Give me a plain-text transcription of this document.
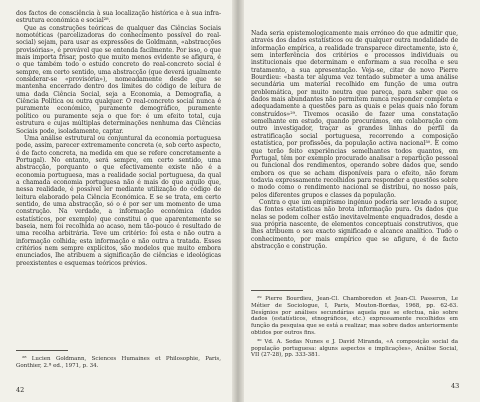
dos factos de consciência à sua localização histórica e à sua infra-estrutura económica e social²⁸.

Que as construções teóricas de qualquer das Ciências Sociais nomotéticas (parcelizadoras do conhecimento possível do real-social) sejam, para usar as expressões de Goldmann, «abstracções provisórias», é provável que se entenda facilmente. Por isso, o que mais importa frisar, posto que muito menos evidente se afigura, é o que também todo o estudo concreto do real-concreto social é sempre, em certo sentido, uma abstracção (que deverá igualmente considerar-se «provisória»), nomeadamente desde que se mantenha encerrado dentro dos limites do código de leitura de uma dada Ciência Social, seja a Economia, a Demografia, a Ciência Política ou outra qualquer. O real-concreto social nunca é puramente económico, puramente demográfico, puramente político ou puramente seja o que for: é um efeito total, cuja estrutura e cujas múltiplas determinações nenhuma das Ciências Sociais pode, isoladamente, captar.

Uma análise estrutural ou conjuntural da economia portuguesa pode, assim, parecer extremamente concreta (e, sob certo aspecto, é de facto concreta, na medida em que se refere concretamente a Portugal). No entanto, será sempre, em certo sentido, uma abstracção, porquanto o que efectivamente existe não é a economia portuguesa, mas a realidade social portuguesa, da qual a chamada economia portuguesa não é mais do que aquilo que, nessa realidade, é possível ler mediante utilização do código de leitura elaborado pela Ciência Económica. E se se trata, em certo sentido, de uma abstracção, só o é por ser um momento de uma construção. Na verdade, a informação económica (dados estatísticos, por exemplo) que constitui o que aparentemente se baseia, nem foi recolhida ao acaso, nem tão-pouco é resultado de uma recolha arbitrária. Teve um critério: foi esta e não outra a informação colhida; esta informação e não outra a tratada. Esses critérios nem sempre explícitos, são modelos que muito embora enunciados, lhe atribuem a significação de ciências e ideológicas preexistentes e esquemas teóricos prévios.

²⁸ Lucien Goldmann, Sciences Humaines et Philosophie, Paris, Gonthier, 2.ª ed., 1971, p. 34.

42

Nada seria epistemologicamente mais erróneo do que admitir que, através dos dados estatísticos ou de qualquer outra modalidade de informação empírica, a realidade transparece directamente, isto é, sem interferência dos critérios e processos individuais ou institucionais que determinam e enformam a sua recolha e seu tratamento, a sua apresentação. Veja-se, citar de novo Pierre Bourdieu: «basta ter alguma vez tentado submeter a uma análise secundária um material recolhido em função de uma outra problemática, por muito neutra que pareça, para saber que os dados mais abundantes não permitem nunca responder completa e adequadamente a questões para as quais e pelas quais não foram construídos»²⁹. Tivemos ocasião de fazer uma constatação semelhante em estudo, quando procurámos, em colaboração com outro investigador, traçar as grandes linhas do perfil da estratificação social portuguesa, recorrendo a composição estatística, por profissões, da população activa nacional³⁰. E como que terão feito experiências semelhantes todos quantos, em Portugal, têm por exemplo procurado analisar a repartição pessoal ou funcional dos rendimentos, operando sobre dados que, sendo embora os que se acham disponíveis para o efeito, não foram todavia expressamente recolhidos para responder a questões sobre o modo como o rendimento nacional se distribui, no nosso país, pelos diferentes grupos e classes da população.

Contra o que um empirismo ingénuo poderia ser levado a supor, das fontes estatísticas não brota informação pura. Os dados que nelas se podem colher estão inevitavelmente enquadrados, desde a sua própria nascente, de elementos conceptuais construtivos, que lhes atribuem o seu exacto significado e alcance analítico. Tudo o conhecimento, por mais empírico que se afigure, é de facto abstracção e construção.

²⁹ Pierre Bourdieu, Jean-Cl. Chamboredon et Jean-Cl. Passeron, Le Métier de Sociologue, I, Paris, Mouton-Bordas, 1968, pp. 62-63. Desígnios por análises secundárias aquela que se efectua, não sobre dados (estatísticos, etnográficos, etc.) expressamente recolhidos em função da pesquisa que se está a realizar, mas sobre dados anteriormente obtidos por outros fins.

³⁰ Vd. A. Sedas Nunes e J. David Miranda, «A composição social da população portuguesa: alguns aspectos e implicações», Análise Social, VII (27-28), pp. 333-381.

43
